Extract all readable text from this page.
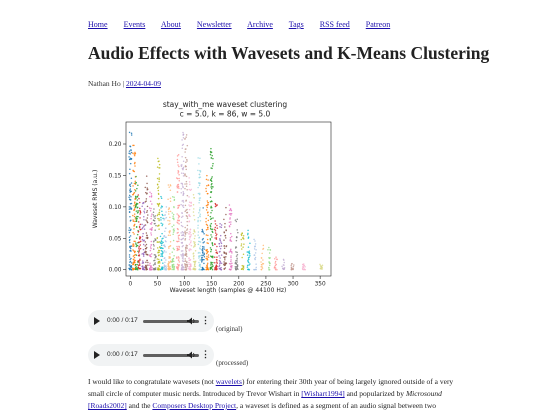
Home Events About Newsletter Archive Tags RSS feed Patreon
Audio Effects with Wavesets and K-Means Clustering
Nathan Ho | 2024-04-09
stay_with_me waveset clustering
c = 5.0, k = 86, w = 5.0
0	50	100	150	200	250	300	350
0.00
0.05
0.10
0.15
0.20
Waveset length (samples @ 44100 Hz)
Waveset RMS (a.u.)
0:00 / 0:17	⋮
(original)
0:00 / 0:17	⋮
(processed)
I would like to congratulate wavesets (not wavelets) for entering their 30th year of being largely ignored outside of a very small circle of computer music nerds. Introduced by Trevor Wishart in [Wishart1994] and popularized by Microsound [Roads2002] and the Composers Desktop Project, a waveset is defined as a segment of an audio signal between two
